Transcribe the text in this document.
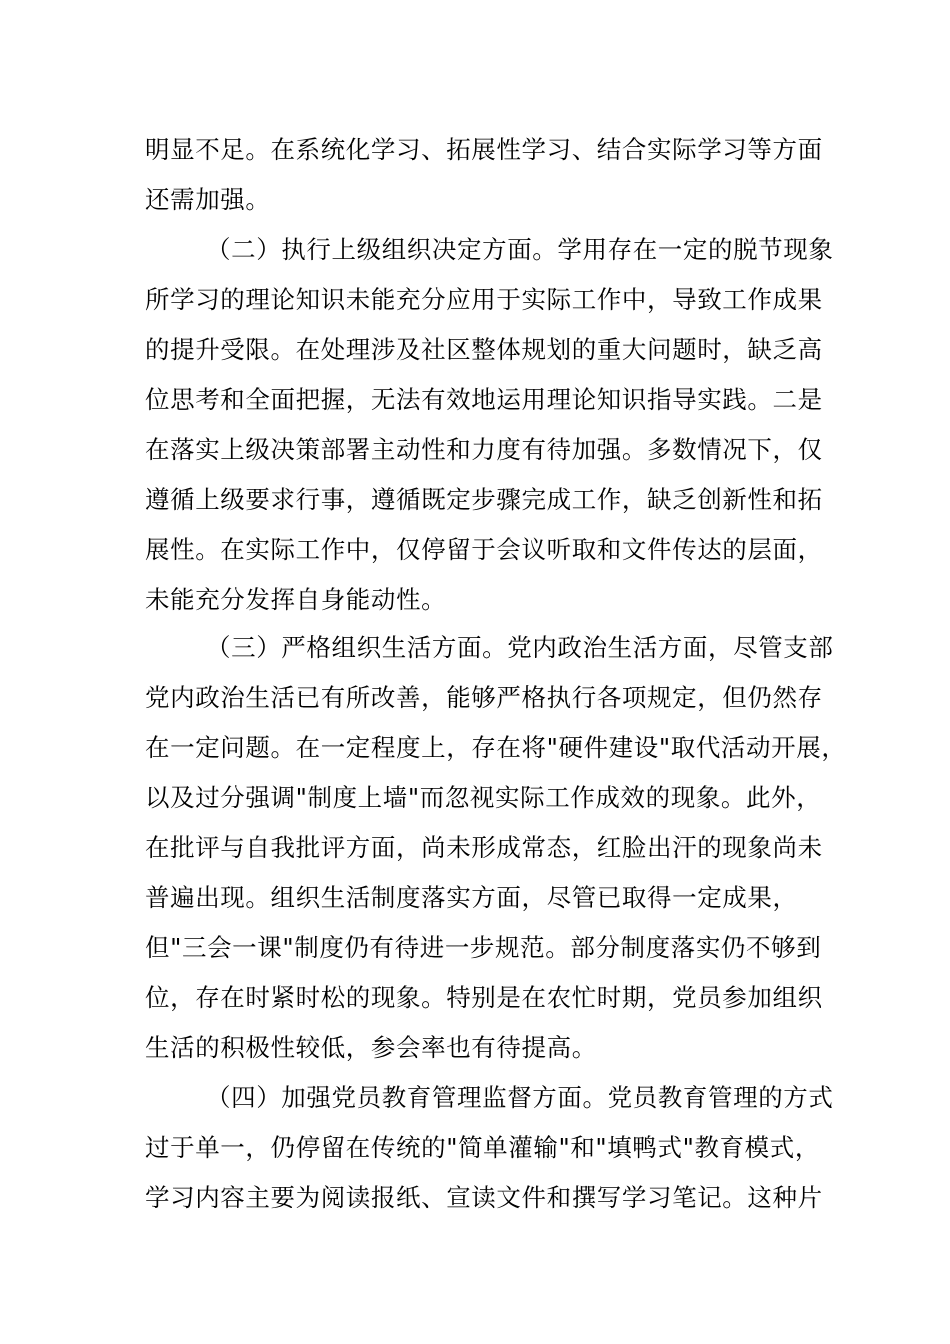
明显不足。在系统化学习、拓展性学习、结合实际学习等方面
还需加强。
（二）执行上级组织决定方面。学用存在一定的脱节现象
所学习的理论知识未能充分应用于实际工作中，导致工作成果
的提升受限。在处理涉及社区整体规划的重大问题时，缺乏高
位思考和全面把握，无法有效地运用理论知识指导实践。二是
在落实上级决策部署主动性和力度有待加强。多数情况下，仅
遵循上级要求行事，遵循既定步骤完成工作，缺乏创新性和拓
展性。在实际工作中，仅停留于会议听取和文件传达的层面，
未能充分发挥自身能动性。
（三）严格组织生活方面。党内政治生活方面，尽管支部
党内政治生活已有所改善，能够严格执行各项规定，但仍然存
在一定问题。在一定程度上，存在将"硬件建设"取代活动开展，
以及过分强调"制度上墙"而忽视实际工作成效的现象。此外，
在批评与自我批评方面，尚未形成常态，红脸出汗的现象尚未
普遍出现。组织生活制度落实方面，尽管已取得一定成果，
但"三会一课"制度仍有待进一步规范。部分制度落实仍不够到
位，存在时紧时松的现象。特别是在农忙时期，党员参加组织
生活的积极性较低，参会率也有待提高。
（四）加强党员教育管理监督方面。党员教育管理的方式
过于单一，仍停留在传统的"简单灌输"和"填鸭式"教育模式，
学习内容主要为阅读报纸、宣读文件和撰写学习笔记。这种片
